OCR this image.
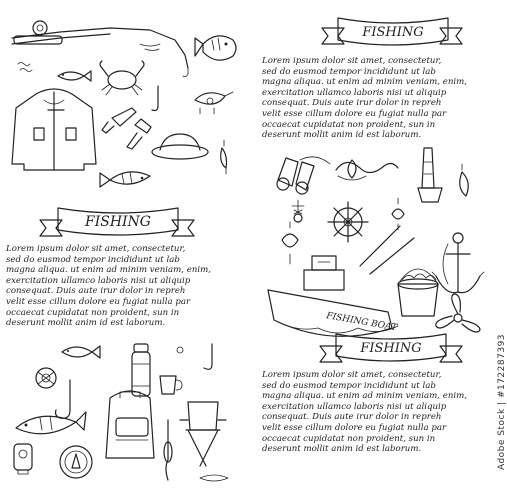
FISHING
FISHING
FISHING BOAT
FISHING
Lorem ipsum dolor sit amet, consectetur,
sed do eusmod tempor incididunt ut lab
magna aliqua. ut enim ad minim veniam, enim,
exercitation ullamco laboris nisi ut aliquip
consequat. Duis aute irur dolor in repreh
velit esse cillum dolore eu fugiat nulla par
occaecat cupidatat non proident, sun in
deserunt mollit anim id est laborum.
Lorem ipsum dolor sit amet, consectetur,
sed do eusmod tempor incididunt ut lab
magna aliqua. ut enim ad minim veniam, enim,
exercitation ullamco laboris nisi ut aliquip
consequat. Duis aute irur dolor in repreh
velit esse cillum dolore eu fugiat nulla par
occaecat cupidatat non proident, sun in
deserunt mollit anim id est laborum.
Lorem ipsum dolor sit amet, consectetur,
sed do eusmod tempor incididunt ut lab
magna aliqua. ut enim ad minim veniam, enim,
exercitation ullamco laboris nisi ut aliquip
consequat. Duis aute irur dolor in repreh
velit esse cillum dolore eu fugiat nulla par
occaecat cupidatat non proident, sun in
deserunt mollit anim id est laborum.	Adobe Stock | #172287393
